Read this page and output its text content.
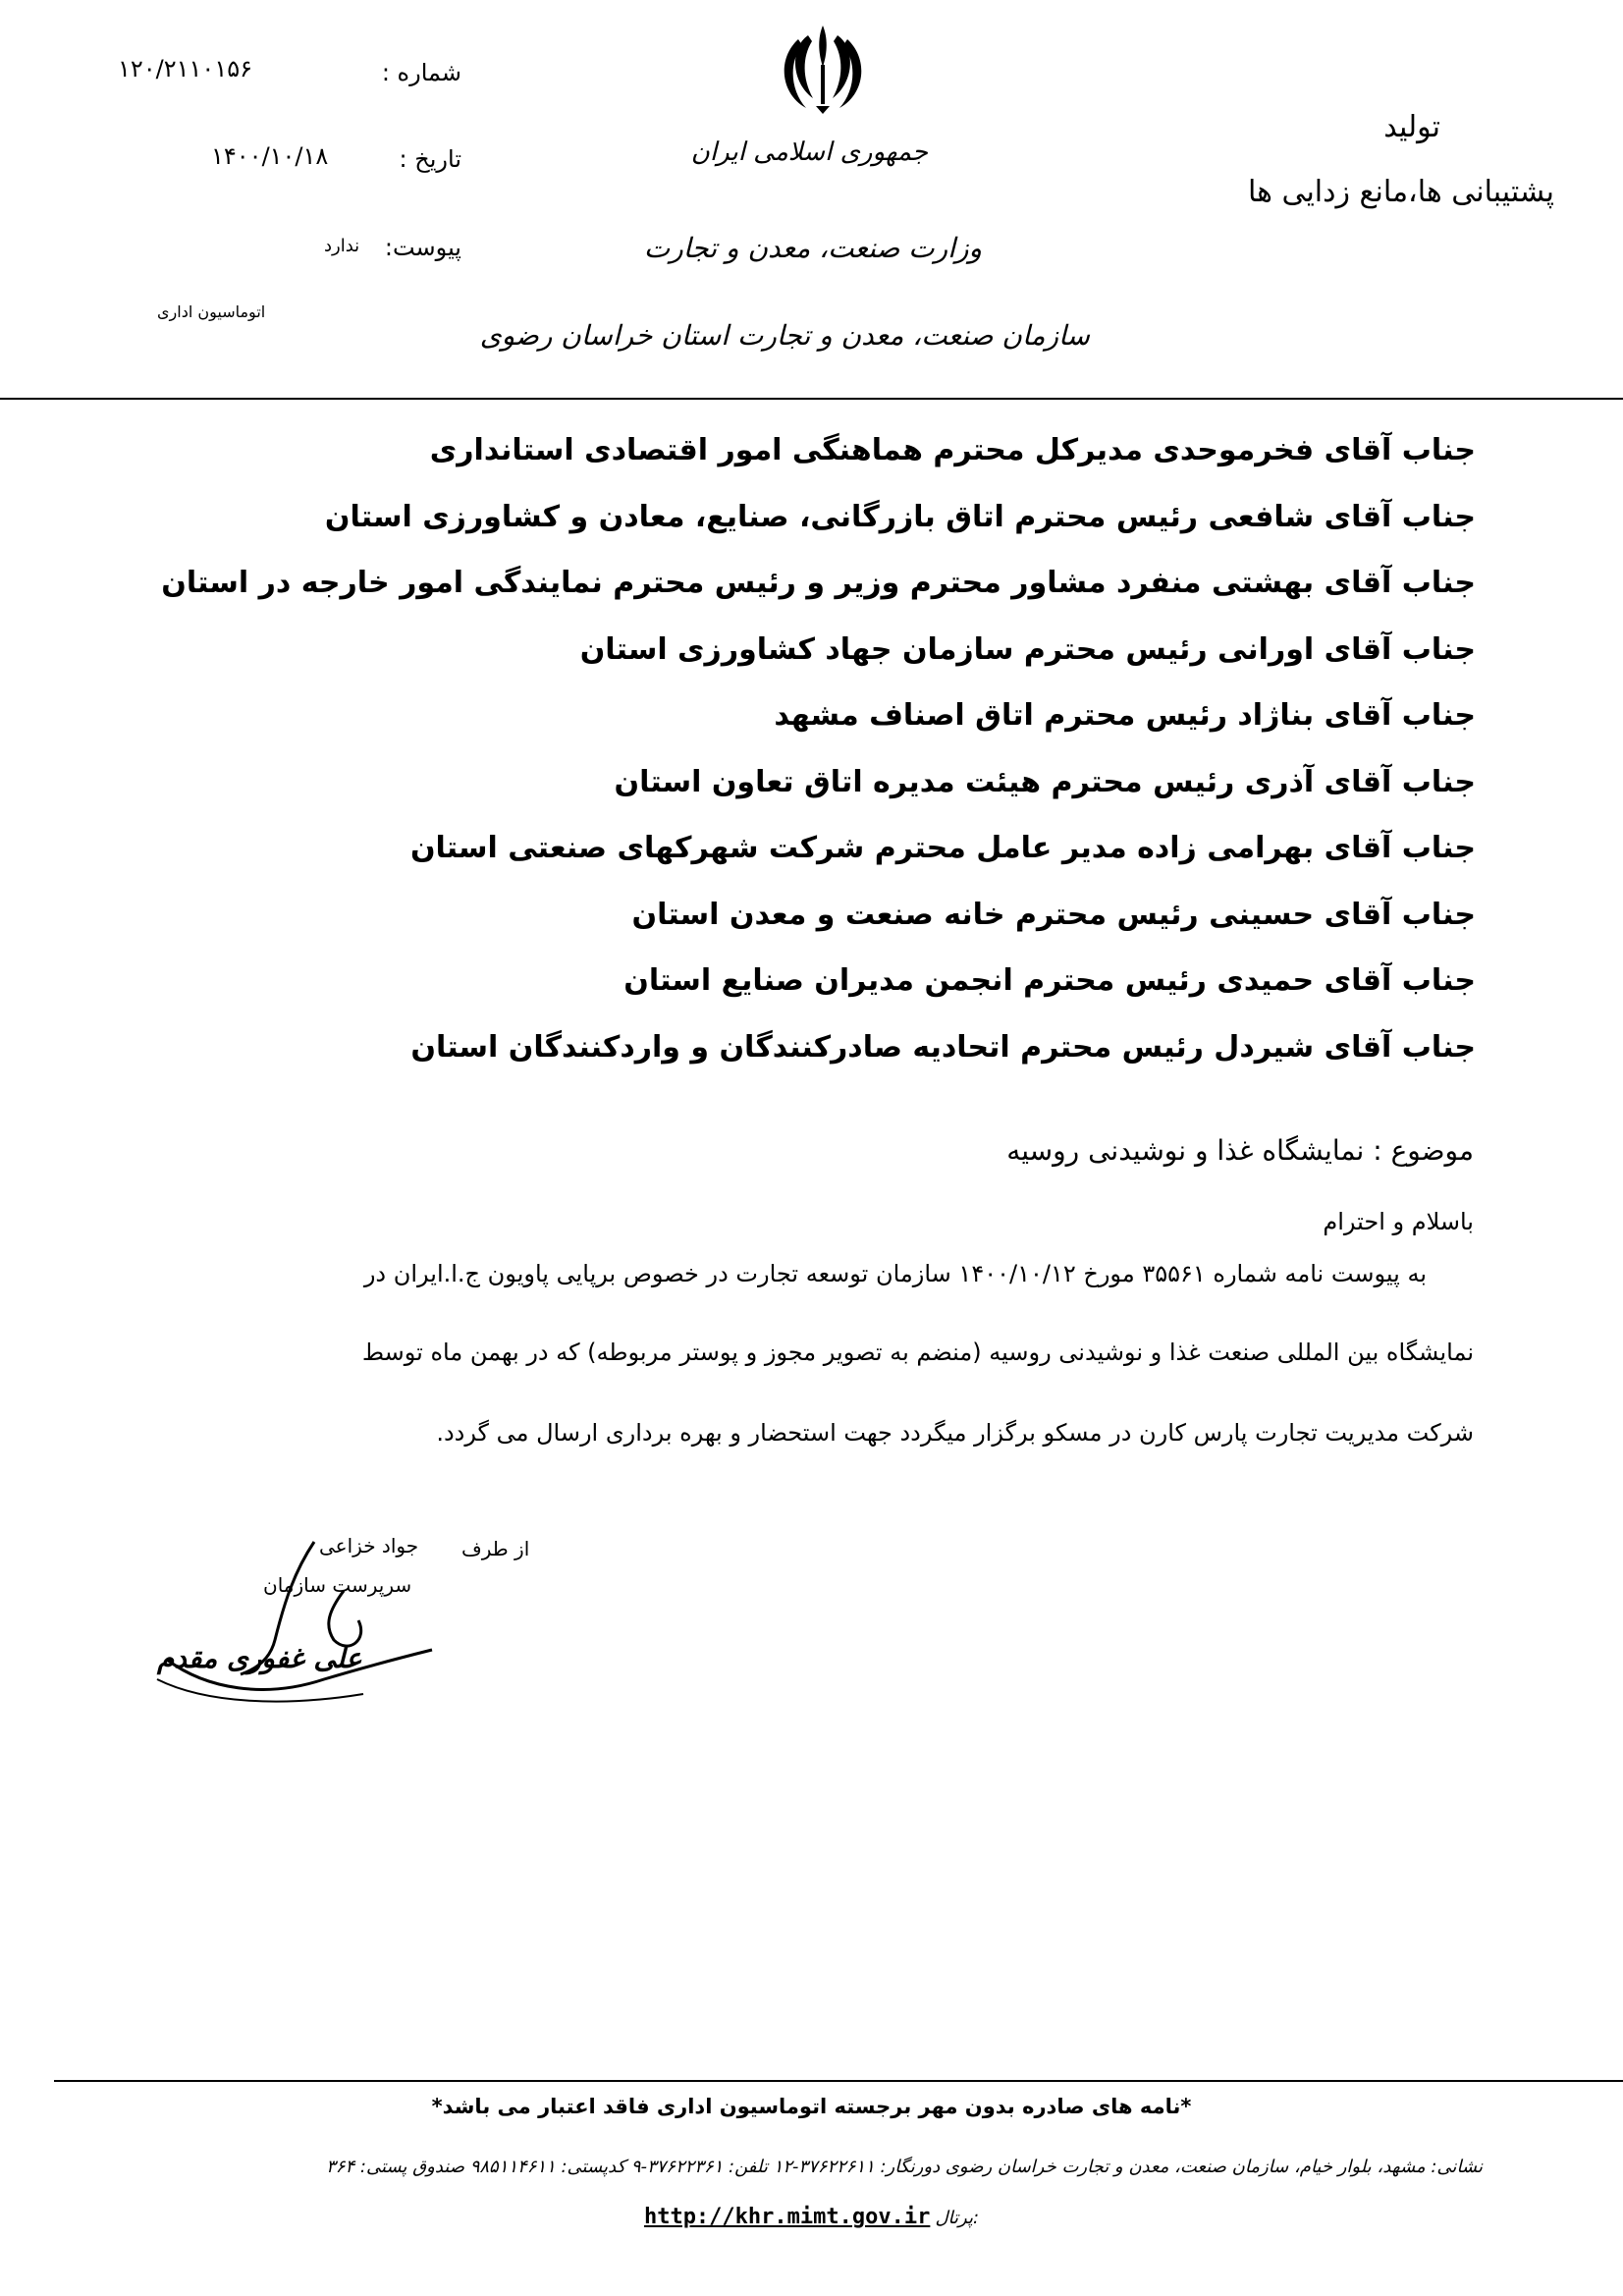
شماره :
۱۲۰/۲۱۱۰۱۵۶
تاریخ :
۱۴۰۰/۱۰/۱۸
پیوست:
ندارد
اتوماسیون اداری
جمهوری اسلامی ایران
وزارت صنعت، معدن و تجارت
سازمان صنعت، معدن و تجارت استان خراسان رضوی
تولید
پشتیبانی ها،مانع زدایی ها
جناب آقای فخرموحدی مدیرکل محترم هماهنگی امور اقتصادی استانداری
جناب آقای شافعی رئیس محترم اتاق بازرگانی، صنایع، معادن و کشاورزی استان
جناب آقای بهشتی منفرد مشاور محترم وزیر و رئیس محترم نمایندگی امور خارجه در استان
جناب آقای اورانی رئیس محترم سازمان جهاد کشاورزی استان
جناب آقای بناژاد رئیس محترم اتاق اصناف مشهد
جناب آقای آذری رئیس محترم هیئت مدیره اتاق تعاون استان
جناب آقای بهرامی زاده مدیر عامل محترم شرکت شهرکهای صنعتی استان
جناب آقای حسینی رئیس محترم خانه صنعت و معدن استان
جناب آقای حمیدی رئیس محترم انجمن مدیران صنایع استان
جناب آقای شیردل رئیس محترم اتحادیه صادرکنندگان و واردکنندگان استان
موضوع : نمایشگاه غذا و نوشیدنی روسیه
باسلام و احترام
به پیوست نامه شماره ۳۵۵۶۱ مورخ ۱۴۰۰/۱۰/۱۲ سازمان توسعه تجارت در خصوص برپایی پاویون ج.ا.ایران در
نمایشگاه بین المللی صنعت غذا و نوشیدنی روسیه (منضم به تصویر مجوز و پوستر مربوطه) که در بهمن ماه توسط
شرکت مدیریت تجارت پارس کارن در مسکو برگزار میگردد جهت استحضار و بهره برداری ارسال می گردد.
از طرف
جواد خزاعی
سرپرست سازمان
علی غفوری مقدم
*نامه های صادره بدون مهر برجسته اتوماسیون اداری فاقد اعتبار می باشد*
نشانی: مشهد، بلوار خیام، سازمان صنعت، معدن و تجارت خراسان رضوی دورنگار: ۳۷۶۲۲۶۱۱-۱۲ تلفن: ۳۷۶۲۲۳۶۱-۹ کدپستی: ۹۸۵۱۱۴۶۱۱ صندوق پستی: ۳۶۴
http://khr.mimt.gov.ir پرتال:
